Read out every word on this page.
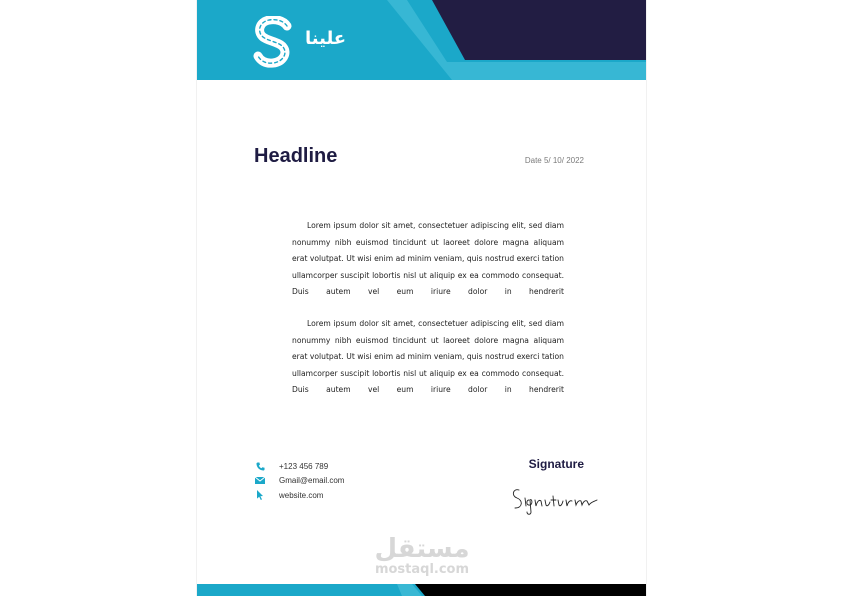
علينا
Headline	Date 5/ 10/ 2022

Lorem ipsum dolor sit amet, consectetuer adipiscing elit, sed diam nonummy nibh euismod tincidunt ut laoreet dolore magna aliquam erat volutpat. Ut wisi enim ad minim veniam, quis nostrud exerci tation ullamcorper suscipit lobortis nisl ut aliquip ex ea commodo consequat. Duis autem vel eum iriure dolor in hendrerit

Lorem ipsum dolor sit amet, consectetuer adipiscing elit, sed diam nonummy nibh euismod tincidunt ut laoreet dolore magna aliquam erat volutpat. Ut wisi enim ad minim veniam, quis nostrud exerci tation ullamcorper suscipit lobortis nisl ut aliquip ex ea commodo consequat. Duis autem vel eum iriure dolor in hendrerit

+123 456 789
Gmail@email.com
website.com
Signature
مستقل
mostaql.com
